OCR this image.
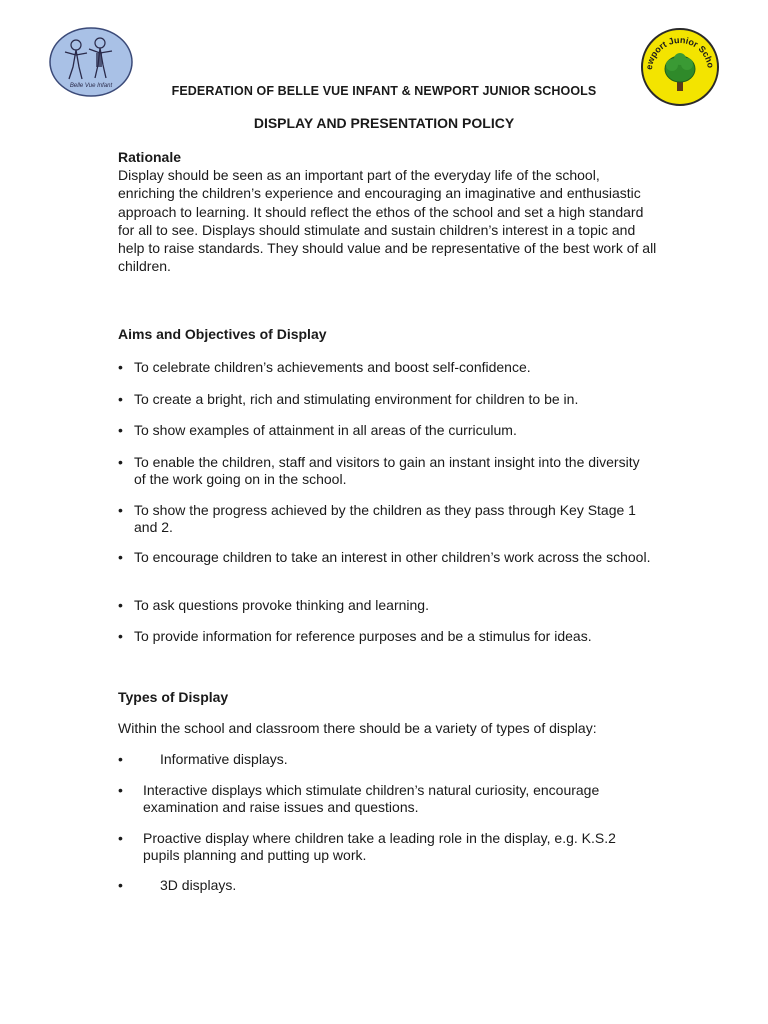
Belle Vue Infant
ewport Junior Scho
FEDERATION OF BELLE VUE INFANT & NEWPORT JUNIOR SCHOOLS
DISPLAY AND PRESENTATION POLICY
Rationale
Display should be seen as an important part of the everyday life of the school, enriching the children’s experience and encouraging an imaginative and enthusiastic approach to learning. It should reflect the ethos of the school and set a high standard for all to see. Displays should stimulate and sustain children’s interest in a topic and help to raise standards. They should value and be representative of the best work of all children.
Aims and Objectives of Display
• To celebrate children’s achievements and boost self-confidence.
• To create a bright, rich and stimulating environment for children to be in.
• To show examples of attainment in all areas of the curriculum.
• To enable the children, staff and visitors to gain an instant insight into the diversity of the work going on in the school.
• To show the progress achieved by the children as they pass through Key Stage 1 and 2.
• To encourage children to take an interest in other children’s work across the school.
• To ask questions provoke thinking and learning.
• To provide information for reference purposes and be a stimulus for ideas.
Types of Display
Within the school and classroom there should be a variety of types of display:
•	Informative displays.
• Interactive displays which stimulate children’s natural curiosity, encourage examination and raise issues and questions.
• Proactive display where children take a leading role in the display, e.g. K.S.2 pupils planning and putting up work.
•	3D displays.
